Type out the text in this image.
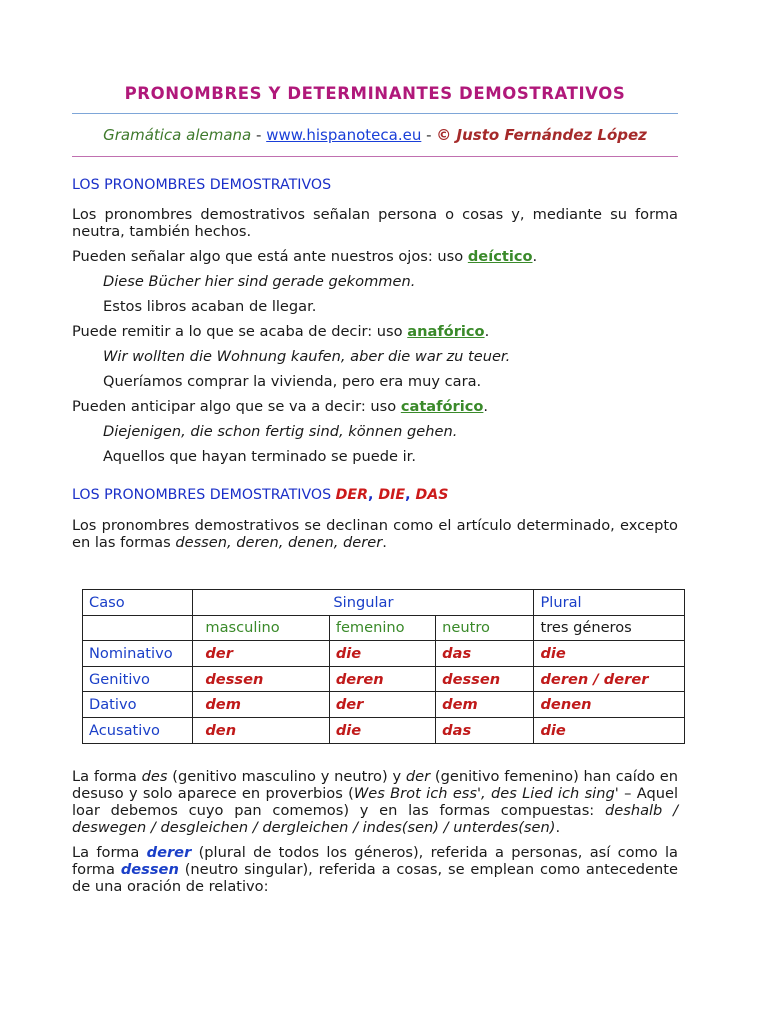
PRONOMBRES Y DETERMINANTES DEMOSTRATIVOS
Gramática alemana - www.hispanoteca.eu - © Justo Fernández López
LOS PRONOMBRES DEMOSTRATIVOS

Los pronombres demostrativos señalan persona o cosas y, mediante su forma neutra, también hechos.

Pueden señalar algo que está ante nuestros ojos: uso deíctico.

Diese Bücher hier sind gerade gekommen.

Estos libros acaban de llegar.

Puede remitir a lo que se acaba de decir: uso anafórico.

Wir wollten die Wohnung kaufen, aber die war zu teuer.

Queríamos comprar la vivienda, pero era muy cara.

Pueden anticipar algo que se va a decir: uso catafórico.

Diejenigen, die schon fertig sind, können gehen.

Aquellos que hayan terminado se puede ir.

LOS PRONOMBRES DEMOSTRATIVOS DER, DIE, DAS

Los pronombres demostrativos se declinan como el artículo determinado, excepto en las formas dessen, deren, denen, derer.

Caso	Singular			Plural
	masculino	femenino	neutro	tres géneros
Nominativo	der	die	das	die
Genitivo	dessen	deren	dessen	deren / derer
Dativo	dem	der	dem	denen
Acusativo	den	die	das	die

La forma des (genitivo masculino y neutro) y der (genitivo femenino) han caído en desuso y solo aparece en proverbios (Wes Brot ich ess', des Lied ich sing' – Aquel loar debemos cuyo pan comemos) y en las formas compuestas: deshalb / deswegen / desgleichen / dergleichen / indes(sen) / unterdes(sen).

La forma derer (plural de todos los géneros), referida a personas, así como la forma dessen (neutro singular), referida a cosas, se emplean como antecedente de una oración de relativo:
